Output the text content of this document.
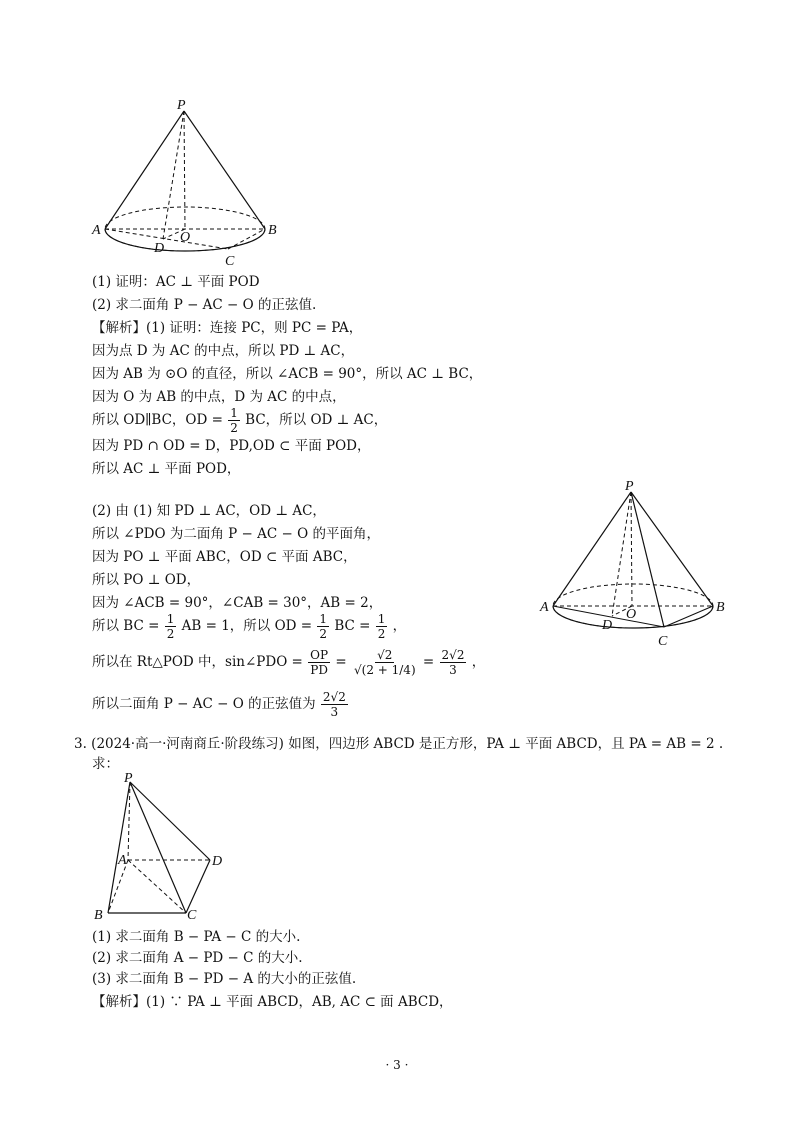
P
A	B
O
D
C
P
A	B
O
D
C
P
A	D
B	C
(1) 证明：AC ⊥ 平面 POD
(2) 求二面角 P − AC − O 的正弦值.
【解析】(1) 证明：连接 PC，则 PC = PA，
因为点 D 为 AC 的中点，所以 PD ⊥ AC，
因为 AB 为 ⊙O 的直径，所以 ∠ACB = 90°，所以 AC ⊥ BC，
因为 O 为 AB 的中点，D 为 AC 的中点，
所以 OD∥BC，OD = $\frac{1}{2}$ BC，所以 OD ⊥ AC，
因为 PD ∩ OD = D，PD,OD ⊂ 平面 POD，
所以 AC ⊥ 平面 POD，
(2) 由 (1) 知 PD ⊥ AC，OD ⊥ AC，
所以 ∠PDO 为二面角 P − AC − O 的平面角，
因为 PO ⊥ 平面 ABC，OD ⊂ 平面 ABC，
所以 PO ⊥ OD，
因为 ∠ACB = 90°，∠CAB = 30°，AB = 2，
所以 BC = $\frac{1}{2}$ AB = 1，所以 OD = $\frac{1}{2}$ BC = $\frac{1}{2}$ ，
所以在 Rt△POD 中，sin∠PDO = $\frac{OP}{PD} = \frac{√2}{√(2 + 1/4)} = \frac{2√2}{3}$ ，
所以二面角 P − AC − O 的正弦值为 $\frac{2√2}{3}$
3. (2024·高一·河南商丘·阶段练习) 如图，四边形 ABCD 是正方形，PA ⊥ 平面 ABCD，且 PA = AB = 2 .
求：
(1) 求二面角 B − PA − C 的大小.
(2) 求二面角 A − PD − C 的大小.
(3) 求二面角 B − PD − A 的大小的正弦值.
【解析】(1) ∵ PA ⊥ 平面 ABCD，AB, AC ⊂ 面 ABCD，
· 3 ·
